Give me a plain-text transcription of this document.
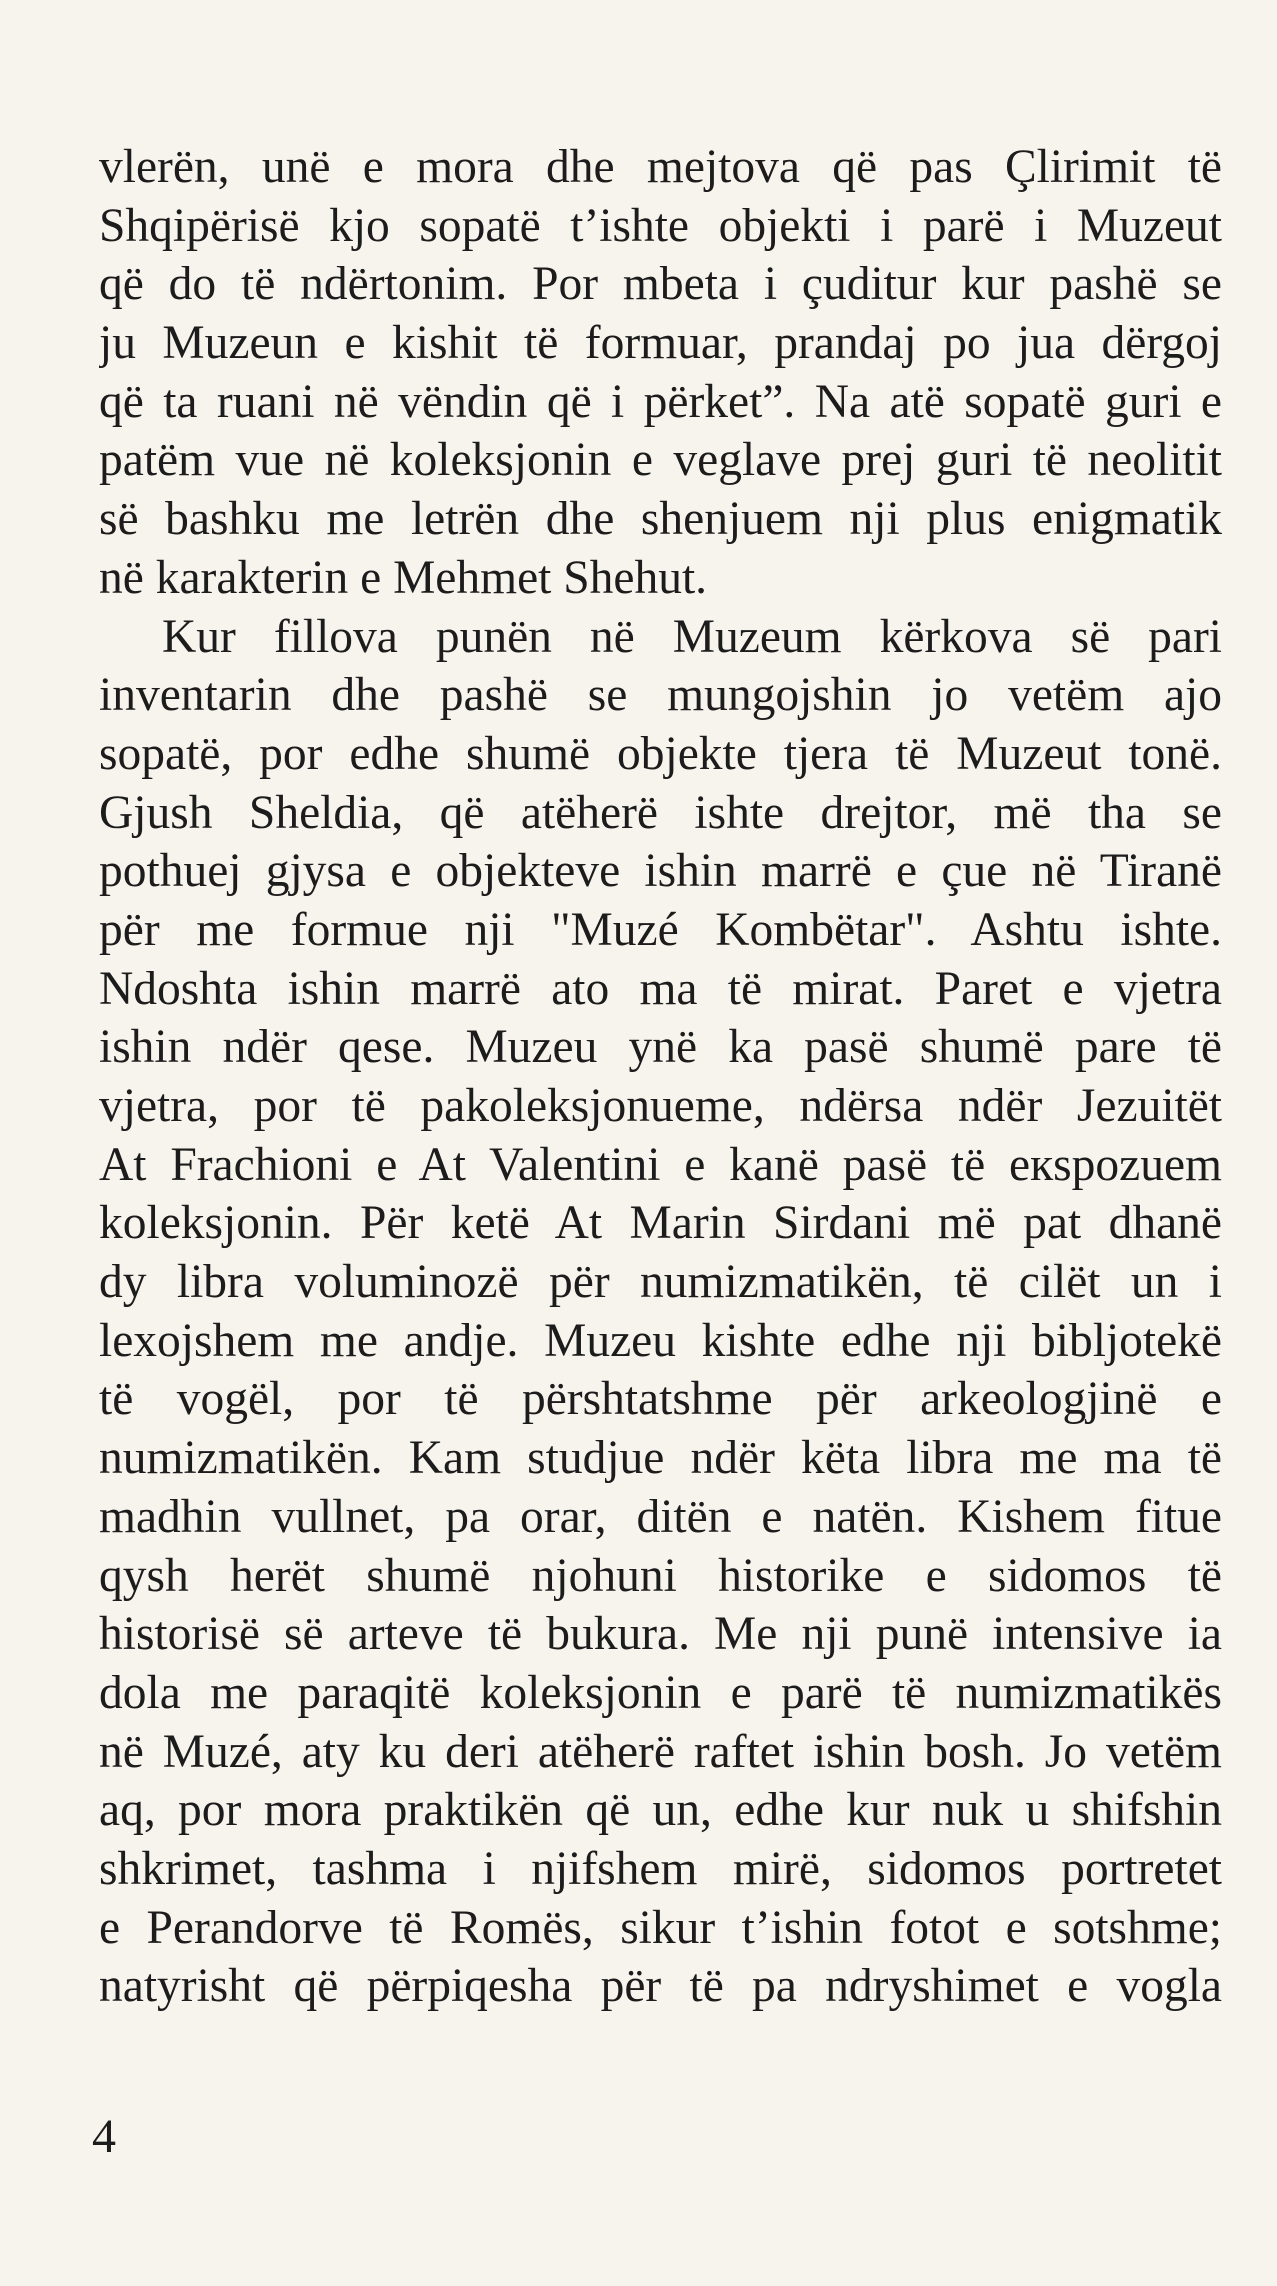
vlerën, unë e mora dhe mejtova që pas Çlirimit të
Shqipërisë kjo sopatë t’ishte objekti i parë i Muzeut
që do të ndërtonim. Por mbeta i çuditur kur pashë se
ju Muzeun e kishit të formuar, prandaj po jua dërgoj
që ta ruani në vëndin që i përket”. Na atë sopatë guri e
patëm vue në koleksjonin e veglave prej guri të neolitit
së bashku me letrën dhe shenjuem nji plus enigmatik
në karakterin e Mehmet Shehut.
Kur fillova punën në Muzeum kërkova së pari
inventarin dhe pashë se mungojshin jo vetëm ajo
sopatë, por edhe shumë objekte tjera të Muzeut tonë.
Gjush Sheldia, që atëherë ishte drejtor, më tha se
pothuej gjysa e objekteve ishin marrë e çue në Tiranë
për me formue nji "Muzé Kombëtar". Ashtu ishte.
Ndoshta ishin marrë ato ma të mirat. Paret e vjetra
ishin ndër qese. Muzeu ynë ka pasë shumë pare të
vjetra, por të pakoleksjonueme, ndërsa ndër Jezuitët
At Frachioni e At Valentini e kanë pasë të eкspozuem
koleksjonin. Për ketë At Marin Sirdani më pat dhanë
dy libra voluminozë për numizmatikën, të cilët un i
lexojshem me andje. Muzeu kishte edhe nji bibljotekë
të vogël, por të përshtatshme për arkeologjinë e
numizmatikën. Kam studjue ndër këta libra me ma të
madhin vullnet, pa orar, ditën e natën. Kishem fitue
qysh herët shumë njohuni historike e sidomos të
historisë së arteve të bukura. Me nji punë intensive ia
dola me paraqitë koleksjonin e parë të numizmatikës
në Muzé, aty ku deri atëherë raftet ishin bosh. Jo vetëm
aq, por mora praktikën që un, edhe kur nuk u shifshin
shkrimet, tashma i njifshem mirë, sidomos portretet
e Perandorve të Romës, sikur t’ishin fotot e sotshme;
natyrisht që përpiqesha për të pa ndryshimet e vogla
4
